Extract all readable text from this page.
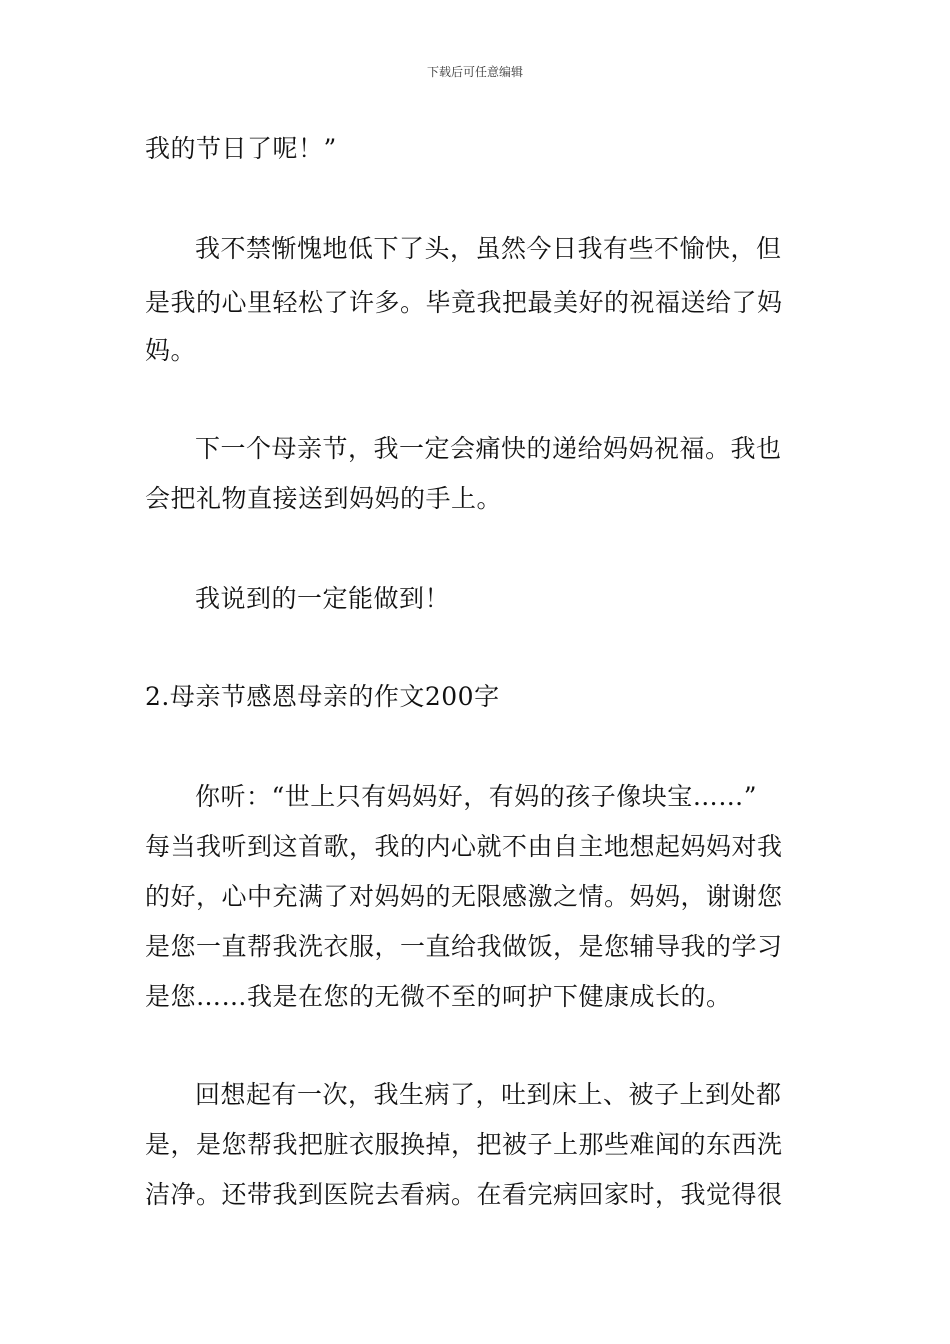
下载后可任意编辑
我的节日了呢！”
我不禁惭愧地低下了头，虽然今日我有些不愉快，但
是我的心里轻松了许多。毕竟我把最美好的祝福送给了妈
妈。
下一个母亲节，我一定会痛快的递给妈妈祝福。我也
会把礼物直接送到妈妈的手上。
我说到的一定能做到！
2.母亲节感恩母亲的作文200字
你听：“世上只有妈妈好，有妈的孩子像块宝……”
每当我听到这首歌，我的内心就不由自主地想起妈妈对我
的好，心中充满了对妈妈的无限感激之情。妈妈，谢谢您
是您一直帮我洗衣服，一直给我做饭，是您辅导我的学习
是您……我是在您的无微不至的呵护下健康成长的。
回想起有一次，我生病了，吐到床上、被子上到处都
是，是您帮我把脏衣服换掉，把被子上那些难闻的东西洗
洁净。还带我到医院去看病。在看完病回家时，我觉得很
